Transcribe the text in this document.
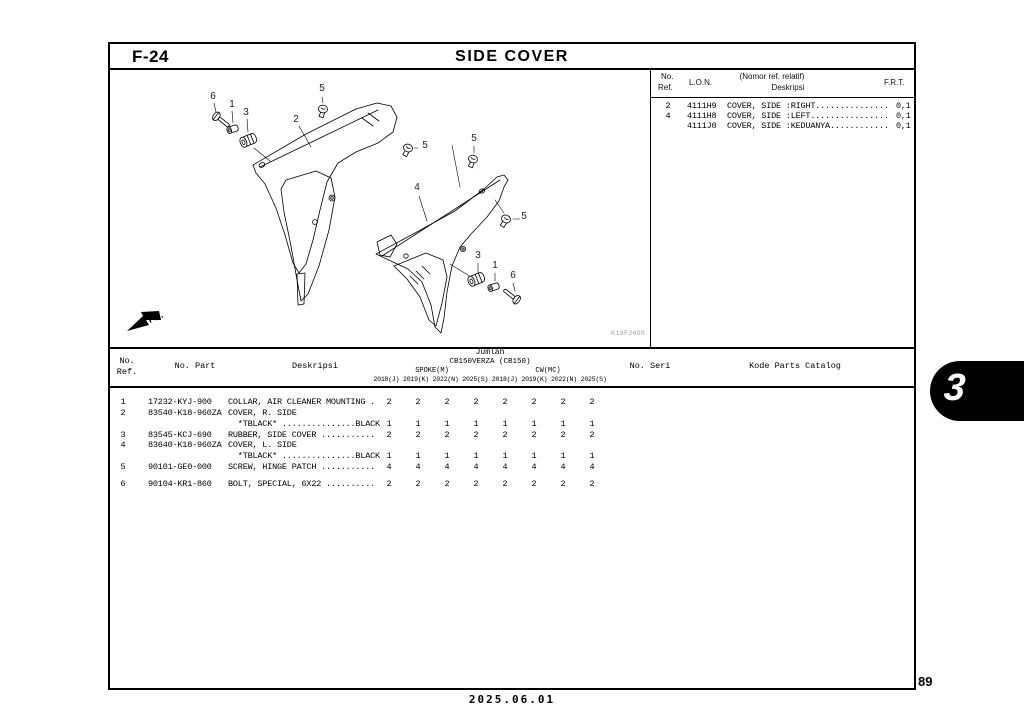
F-24	SIDE COVER
FR.
6
1
3
5
2
5
5
4
5
3
1
6
K18F2400
No.
Ref.
L.O.N.
(Nomor ref. relatif)
Deskripsi
F.R.T.
2	4111H9 COVER, SIDE :RIGHT............... 0,1
4	4111H8 COVER, SIDE :LEFT................ 0,1
4111J0 COVER, SIDE :KEDUANYA............ 0,1
No.
Ref.
No. Part	Deskripsi
Jumlah
CB150VERZA (CB150)
SPOKE(M)	CW(MC)
2018(J) 2019(K) 2022(N) 2025(S) 2018(J) 2019(K) 2022(N) 2025(S)
No. Seri	Kode Parts Catalog
1	17232-KYJ-900 COLLAR, AIR CLEANER MOUNTING .	2	2	2	2	2	2	2	2
2	83540-K18-960ZA COVER, R. SIDE
*TBLACK* ...............BLACK 1	1	1	1	1	1	1	1
3	83545-KCJ-690 RUBBER, SIDE COVER ...........	2	2	2	2	2	2	2	2
4	83640-K18-960ZA COVER, L. SIDE
*TBLACK* ...............BLACK 1	1	1	1	1	1	1	1
5	90101-GE0-000 SCREW, HINGE PATCH ...........	4	4	4	4	4	4	4	4
6	90104-KR1-860 BOLT, SPECIAL, 6X22 ..........	2	2	2	2	2	2	2	2
89
2025.06.01
3
